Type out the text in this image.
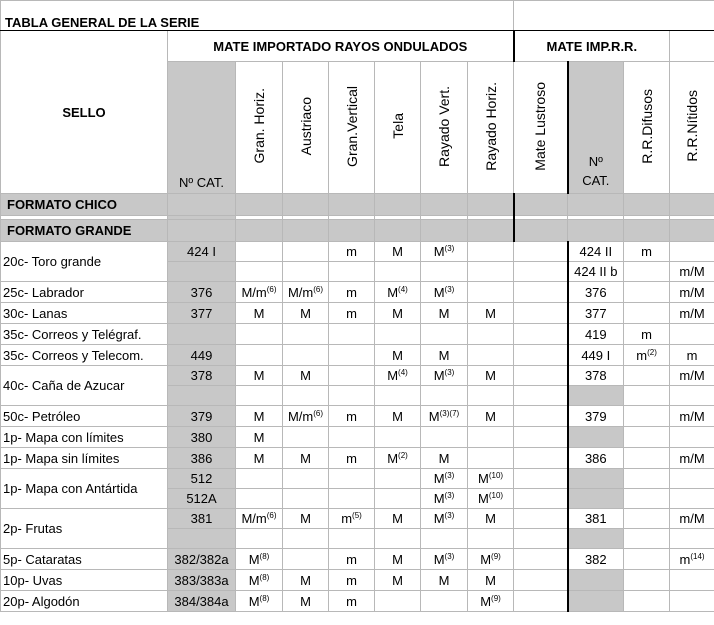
TABLA GENERAL DE LA SERIE											
SELLO	MATE IMPORTADO RAYOS ONDULADOS							MATE IMP.R.R.			
	Nº CAT.	Gran. Horiz.	Austriaco	Gran.Vertical	Tela	Rayado Vert.	Rayado Horiz.	Mate Lustroso	Nº
CAT.	R.R.Difusos	R.R.Nítidos
FORMATO CHICO											

FORMATO GRANDE											
20c- Toro grande	424 I			m	M	$M^{(3)}$			424 II	m	
									424 II b		m/M
25c- Labrador	376	$M/m^{(6)}$	$M/m^{(6)}$	m	$M^{(4)}$	$M^{(3)}$			376		m/M
30c- Lanas	377	M	M	m	M	M	M		377		m/M
35c- Correos y Telégraf.									419	m	
35c- Correos y Telecom.	449				M	M			449 I	$m^{(2)}$	m
40c- Caña de Azucar	378	M	M		$M^{(4)}$	$M^{(3)}$	M		378		m/M

50c- Petróleo	379	M	$M/m^{(6)}$	m	M	$M^{(3)(7)}$	M		379		m/M
1p- Mapa con límites	380	M									
1p- Mapa sin límites	386	M	M	m	$M^{(2)}$	M			386		m/M
1p- Mapa con Antártida	512					$M^{(3)}$	$M^{(10)}$				
	512A					$M^{(3)}$	$M^{(10)}$				
2p- Frutas	381	$M/m^{(6)}$	M	$m^{(5)}$	M	$M^{(3)}$	M		381		m/M

5p- Cataratas	382/382a	$M^{(8)}$		m	M	$M^{(3)}$	$M^{(9)}$		382		$m^{(14)}$
10p- Uvas	383/383a	$M^{(8)}$	M	m	M	M	M				
20p- Algodón	384/384a	$M^{(8)}$	M	m			$M^{(9)}$				
